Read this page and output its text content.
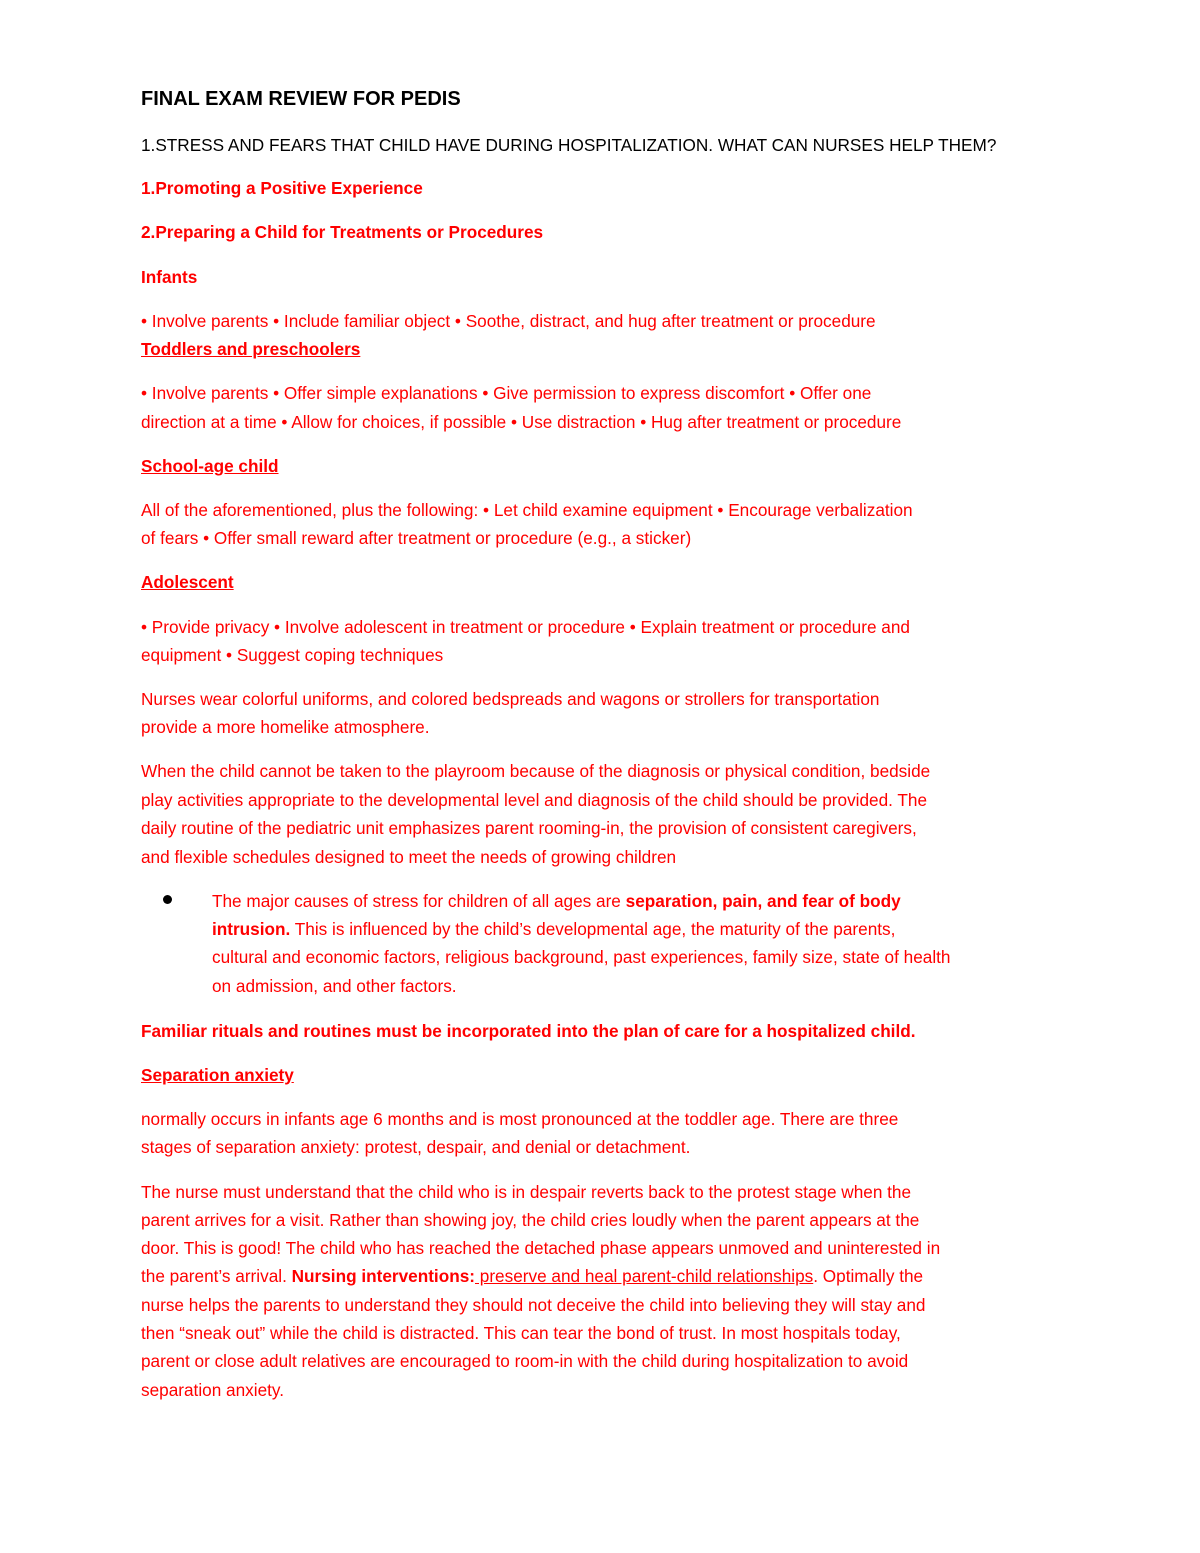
FINAL EXAM REVIEW FOR PEDIS
1.STRESS AND FEARS THAT CHILD HAVE DURING HOSPITALIZATION. WHAT CAN NURSES HELP THEM?
1.Promoting a Positive Experience
2.Preparing a Child for Treatments or Procedures
Infants
• Involve parents • Include familiar object • Soothe, distract, and hug after treatment or procedure
Toddlers and preschoolers
• Involve parents • Offer simple explanations • Give permission to express discomfort • Offer one
direction at a time • Allow for choices, if possible • Use distraction • Hug after treatment or procedure
School-age child
All of the aforementioned, plus the following: • Let child examine equipment • Encourage verbalization
of fears • Offer small reward after treatment or procedure (e.g., a sticker)
Adolescent
• Provide privacy • Involve adolescent in treatment or procedure • Explain treatment or procedure and
equipment • Suggest coping techniques
Nurses wear colorful uniforms, and colored bedspreads and wagons or strollers for transportation
provide a more homelike atmosphere.
When the child cannot be taken to the playroom because of the diagnosis or physical condition, bedside
play activities appropriate to the developmental level and diagnosis of the child should be provided. The
daily routine of the pediatric unit emphasizes parent rooming-in, the provision of consistent caregivers,
and flexible schedules designed to meet the needs of growing children
The major causes of stress for children of all ages are separation, pain, and fear of body
intrusion. This is influenced by the child’s developmental age, the maturity of the parents,
cultural and economic factors, religious background, past experiences, family size, state of health
on admission, and other factors.
Familiar rituals and routines must be incorporated into the plan of care for a hospitalized child.
Separation anxiety
normally occurs in infants age 6 months and is most pronounced at the toddler age. There are three
stages of separation anxiety: protest, despair, and denial or detachment.
The nurse must understand that the child who is in despair reverts back to the protest stage when the
parent arrives for a visit. Rather than showing joy, the child cries loudly when the parent appears at the
door. This is good! The child who has reached the detached phase appears unmoved and uninterested in
the parent’s arrival. Nursing interventions: preserve and heal parent-child relationships. Optimally the
nurse helps the parents to understand they should not deceive the child into believing they will stay and
then “sneak out” while the child is distracted. This can tear the bond of trust. In most hospitals today,
parent or close adult relatives are encouraged to room-in with the child during hospitalization to avoid
separation anxiety.
